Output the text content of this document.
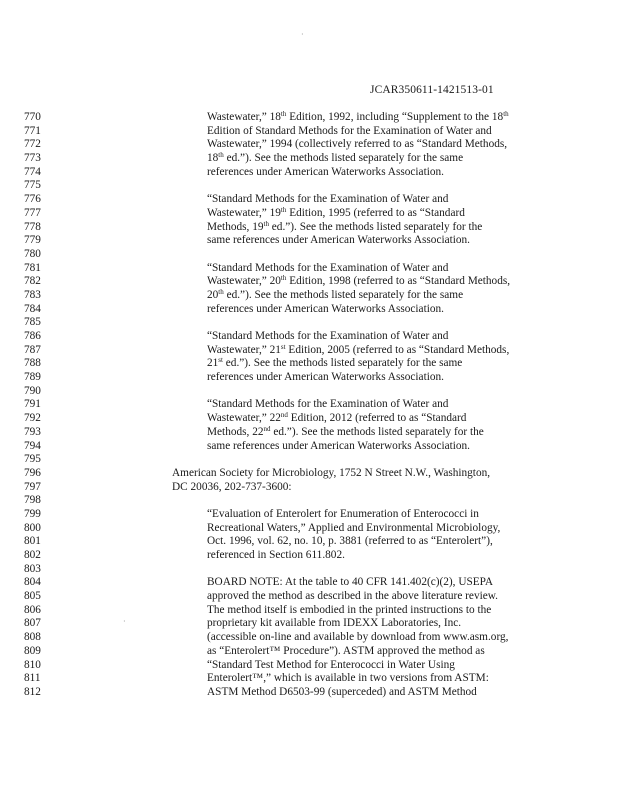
·
·
JCAR350611-1421513-01
770	Wastewater,” 18th Edition, 1992, including “Supplement to the 18th
771	Edition of Standard Methods for the Examination of Water and
772	Wastewater,” 1994 (collectively referred to as “Standard Methods,
773	18th ed.”). See the methods listed separately for the same
774	references under American Waterworks Association.
775
776	“Standard Methods for the Examination of Water and
777	Wastewater,” 19th Edition, 1995 (referred to as “Standard
778	Methods, 19th ed.”). See the methods listed separately for the
779	same references under American Waterworks Association.
780
781	“Standard Methods for the Examination of Water and
782	Wastewater,” 20th Edition, 1998 (referred to as “Standard Methods,
783	20th ed.”). See the methods listed separately for the same
784	references under American Waterworks Association.
785
786	“Standard Methods for the Examination of Water and
787	Wastewater,” 21st Edition, 2005 (referred to as “Standard Methods,
788	21st ed.”). See the methods listed separately for the same
789	references under American Waterworks Association.
790
791	“Standard Methods for the Examination of Water and
792	Wastewater,” 22nd Edition, 2012 (referred to as “Standard
793	Methods, 22nd ed.”). See the methods listed separately for the
794	same references under American Waterworks Association.
795
796	American Society for Microbiology, 1752 N Street N.W., Washington,
797	DC 20036, 202-737-3600:
798
799	“Evaluation of Enterolert for Enumeration of Enterococci in
800	Recreational Waters,” Applied and Environmental Microbiology,
801	Oct. 1996, vol. 62, no. 10, p. 3881 (referred to as “Enterolert”),
802	referenced in Section 611.802.
803
804	BOARD NOTE: At the table to 40 CFR 141.402(c)(2), USEPA
805	approved the method as described in the above literature review.
806	The method itself is embodied in the printed instructions to the
807	proprietary kit available from IDEXX Laboratories, Inc.
808	(accessible on-line and available by download from www.asm.org,
809	as “Enterolert™ Procedure”). ASTM approved the method as
810	“Standard Test Method for Enterococci in Water Using
811	Enterolert™,” which is available in two versions from ASTM:
812	ASTM Method D6503-99 (superceded) and ASTM Method
